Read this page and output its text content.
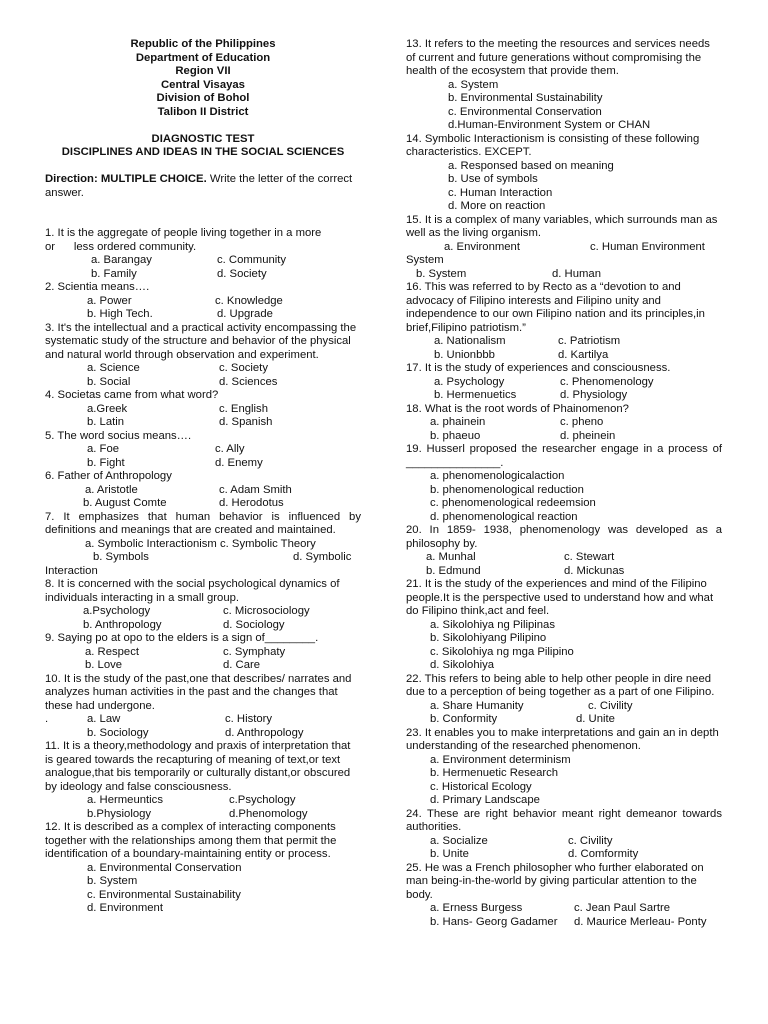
Republic of the Philippines
Department of Education
Region VII
Central Visayas
Division of Bohol
Talibon II District
DIAGNOSTIC TEST
DISCIPLINES AND IDEAS IN THE SOCIAL SCIENCES
Direction: MULTIPLE CHOICE. Write the letter of the correct answer.
1. It is the aggregate of people living together in a more
or      less ordered community.
a. Barangay	c. Community
b. Family	d. Society
2. Scientia means….
a. Power	c. Knowledge
b. High Tech.	d. Upgrade
3. It's the intellectual and a practical activity encompassing the systematic study of the structure and behavior of the physical and natural world through observation and experiment.
a. Science	c. Society
b. Social	d. Sciences
4. Societas came from what word?
a.Greek	c. English
b. Latin	d. Spanish
5. The word socius means….
a. Foe	c. Ally
b. Fight	d. Enemy
6. Father of Anthropology
a. Aristotle	c. Adam Smith
b. August Comte	d. Herodotus
7. It emphasizes that human behavior is influenced by definitions and meanings that are created and maintained.
a. Symbolic Interactionism c. Symbolic Theory
b. Symbols	d. Symbolic
Interaction
8. It is concerned with the social psychological dynamics of individuals interacting in a small group.
a.Psychology	c. Microsociology
b. Anthropology	d. Sociology
9. Saying po at opo to the elders is a sign of________.
a. Respect	c. Symphaty
b. Love	d. Care
10. It is the study of the past,one that describes/ narrates and analyzes human activities in the past and the changes that these had undergone.
.	a. Law	c. History
b. Sociology	d. Anthropology
11. It is a theory,methodology and praxis of interpretation that is geared towards the recapturing of meaning of text,or text analogue,that bis temporarily or culturally distant,or obscured by ideology and false consciousness.
a. Hermeuntics	c.Psychology
b.Physiology	d.Phenomology
12. It is described as a complex of interacting components together with the relationships among them that permit the identification of a boundary-maintaining entity or process.
a. Environmental Conservation
b. System
c. Environmental Sustainability
d. Environment
13. It refers to the meeting the resources and services needs of current and future generations without compromising the health of the ecosystem that provide them.
a. System
b. Environmental Sustainability
c. Environmental Conservation
d.Human-Environment System or CHAN
14. Symbolic Interactionism is consisting of these following characteristics. EXCEPT.
a. Responsed based on meaning
b. Use of symbols
c. Human Interaction
d. More on reaction
15. It is a complex of many variables, which surrounds man as well as the living organism.
a. Environment	c. Human Environment
System
b. System	d. Human
16. This was referred to by Recto as a “devotion to and advocacy of Filipino interests and Filipino unity and independence to our own Filipino nation and its principles,in brief,Filipino patriotism.”
a. Nationalism	c. Patriotism
b. Unionbbb	d. Kartilya
17. It is the study of experiences and consciousness.
a. Psychology	c. Phenomenology
b. Hermenuetics	d. Physiology
18. What is the root words of Phainomenon?
a. phainein	c. pheno
b. phaeuo	d. pheinein
19. Husserl proposed the researcher engage in a process of _______________.
a. phenomenologicalaction
b. phenomenological reduction
c. phenomenological redeemsion
d. phenomenological reaction
20. In 1859- 1938, phenomenology was developed as a philosophy by.
a. Munhal	c. Stewart
b. Edmund	d. Mickunas
21. It is the study of the experiences and mind of the Filipino people.It is the perspective used to understand how and what do Filipino think,act and feel.
a. Sikolohiya ng Pilipinas
b. Sikolohiyang Pilipino
c. Sikolohiya ng mga Pilipino
d. Sikolohiya
22. This refers to being able to help other people in dire need due to a perception of being together as a part of one Filipino.
a. Share Humanity	c. Civility
b. Conformity	d. Unite
23. It enables you to make interpretations and gain an in depth understanding of the researched phenomenon.
a. Environment determinism
b. Hermenuetic Research
c. Historical Ecology
d. Primary Landscape
24. These are right behavior meant right demeanor towards authorities.
a. Socialize	c. Civility
b. Unite	d. Comformity
25. He was a French philosopher who further elaborated on man being-in-the-world by giving particular attention to the body.
a. Erness Burgess	c. Jean Paul Sartre
b. Hans- Georg Gadamer d. Maurice Merleau- Ponty
